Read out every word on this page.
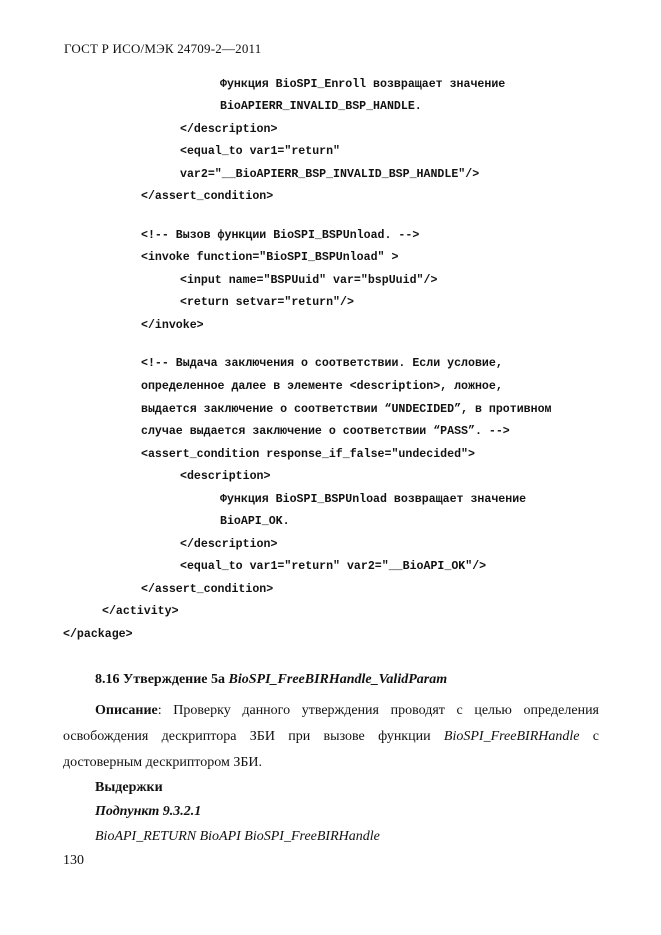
ГОСТ Р ИСО/МЭК 24709-2—2011
Функция BioSPI_Enroll возвращает значение
BioAPIERR_INVALID_BSP_HANDLE.
</description>
<equal_to var1="return"
var2="__BioAPIERR_BSP_INVALID_BSP_HANDLE"/>
</assert_condition>
<!-- Вызов функции BioSPI_BSPUnload. -->
<invoke function="BioSPI_BSPUnload" >
<input name="BSPUuid" var="bspUuid"/>
<return setvar="return"/>
</invoke>
<!-- Выдача заключения о соответствии. Если условие,
определенное далее в элементе <description>, ложное,
выдается заключение о соответствии “UNDECIDED”, в противном
случае выдается заключение о соответствии “PASS”. -->
<assert_condition response_if_false="undecided">
<description>
Функция BioSPI_BSPUnload возвращает значение
BioAPI_OK.
</description>
<equal_to var1="return" var2="__BioAPI_OK"/>
</assert_condition>
</activity>
</package>
8.16 Утверждение 5а BioSPI_FreeBIRHandle_ValidParam
Описание: Проверку данного утверждения проводят с целью определения
освобождения дескриптора ЗБИ при вызове функции BioSPI_FreeBIRHandle с
достоверным дескриптором ЗБИ.
Выдержки
Подпункт 9.3.2.1
BioAPI_RETURN BioAPI BioSPI_FreeBIRHandle
130
